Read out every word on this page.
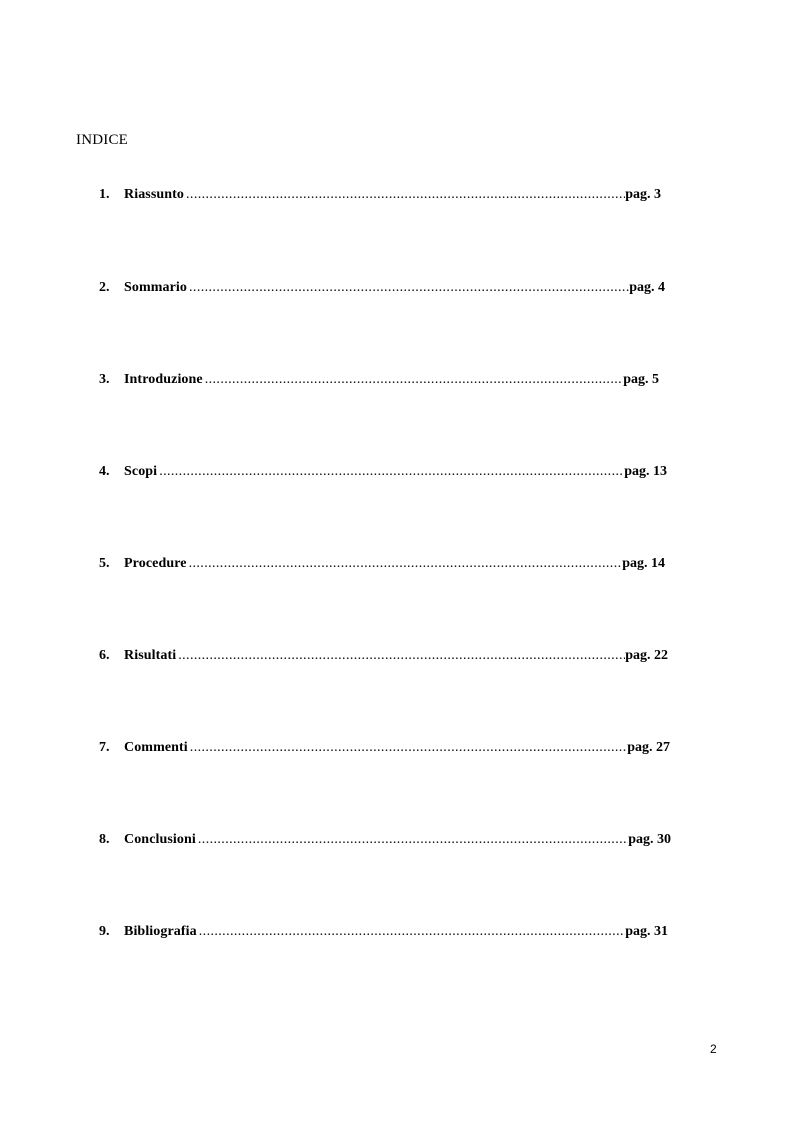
INDICE
1.	Riassunto .....	pag. 3
2.	Sommario .....	pag. 4
3.	Introduzione .....	pag. 5
4.	Scopi .....	pag. 13
5.	Procedure .....	pag. 14
6.	Risultati .....	pag. 22
7.	Commenti .....	pag. 27
8.	Conclusioni .....	pag. 30
9.	Bibliografia .....	pag. 31
2
